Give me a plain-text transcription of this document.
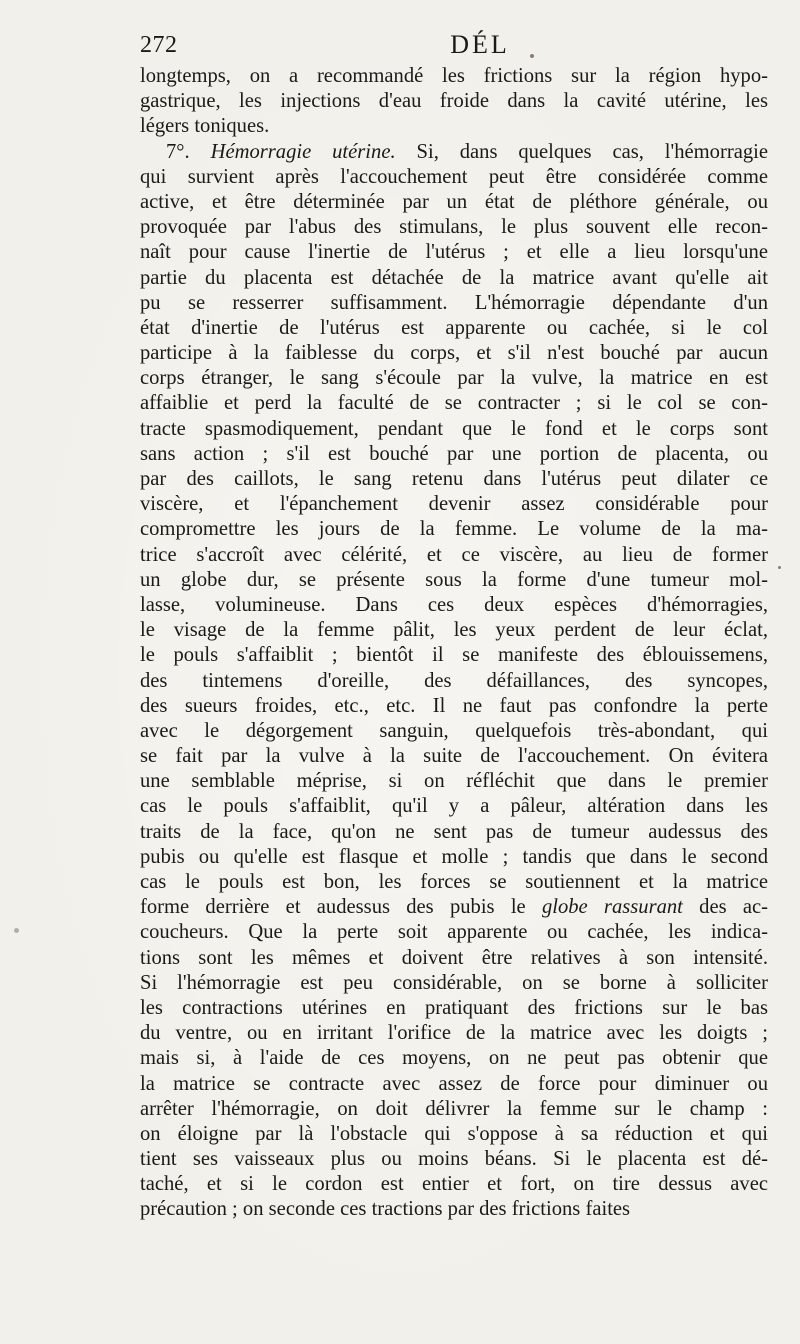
272	DÉL
longtemps, on a recommandé les frictions sur la région hypo-
gastrique, les injections d'eau froide dans la cavité utérine, les
légers toniques.
7°. Hémorragie utérine. Si, dans quelques cas, l'hémorragie
qui survient après l'accouchement peut être considérée comme
active, et être déterminée par un état de pléthore générale, ou
provoquée par l'abus des stimulans, le plus souvent elle recon-
naît pour cause l'inertie de l'utérus ; et elle a lieu lorsqu'une
partie du placenta est détachée de la matrice avant qu'elle ait
pu se resserrer suffisamment. L'hémorragie dépendante d'un
état d'inertie de l'utérus est apparente ou cachée, si le col
participe à la faiblesse du corps, et s'il n'est bouché par aucun
corps étranger, le sang s'écoule par la vulve, la matrice en est
affaiblie et perd la faculté de se contracter ; si le col se con-
tracte spasmodiquement, pendant que le fond et le corps sont
sans action ; s'il est bouché par une portion de placenta, ou
par des caillots, le sang retenu dans l'utérus peut dilater ce
viscère, et l'épanchement devenir assez considérable pour
compromettre les jours de la femme. Le volume de la ma-
trice s'accroît avec célérité, et ce viscère, au lieu de former
un globe dur, se présente sous la forme d'une tumeur mol-
lasse, volumineuse. Dans ces deux espèces d'hémorragies,
le visage de la femme pâlit, les yeux perdent de leur éclat,
le pouls s'affaiblit ; bientôt il se manifeste des éblouissemens,
des tintemens d'oreille, des défaillances, des syncopes,
des sueurs froides, etc., etc. Il ne faut pas confondre la perte
avec le dégorgement sanguin, quelquefois très-abondant, qui
se fait par la vulve à la suite de l'accouchement. On évitera
une semblable méprise, si on réfléchit que dans le premier
cas le pouls s'affaiblit, qu'il y a pâleur, altération dans les
traits de la face, qu'on ne sent pas de tumeur audessus des
pubis ou qu'elle est flasque et molle ; tandis que dans le second
cas le pouls est bon, les forces se soutiennent et la matrice
forme derrière et audessus des pubis le globe rassurant des ac-
coucheurs. Que la perte soit apparente ou cachée, les indica-
tions sont les mêmes et doivent être relatives à son intensité.
Si l'hémorragie est peu considérable, on se borne à solliciter
les contractions utérines en pratiquant des frictions sur le bas
du ventre, ou en irritant l'orifice de la matrice avec les doigts ;
mais si, à l'aide de ces moyens, on ne peut pas obtenir que
la matrice se contracte avec assez de force pour diminuer ou
arrêter l'hémorragie, on doit délivrer la femme sur le champ :
on éloigne par là l'obstacle qui s'oppose à sa réduction et qui
tient ses vaisseaux plus ou moins béans. Si le placenta est dé-
taché, et si le cordon est entier et fort, on tire dessus avec
précaution ; on seconde ces tractions par des frictions faites
